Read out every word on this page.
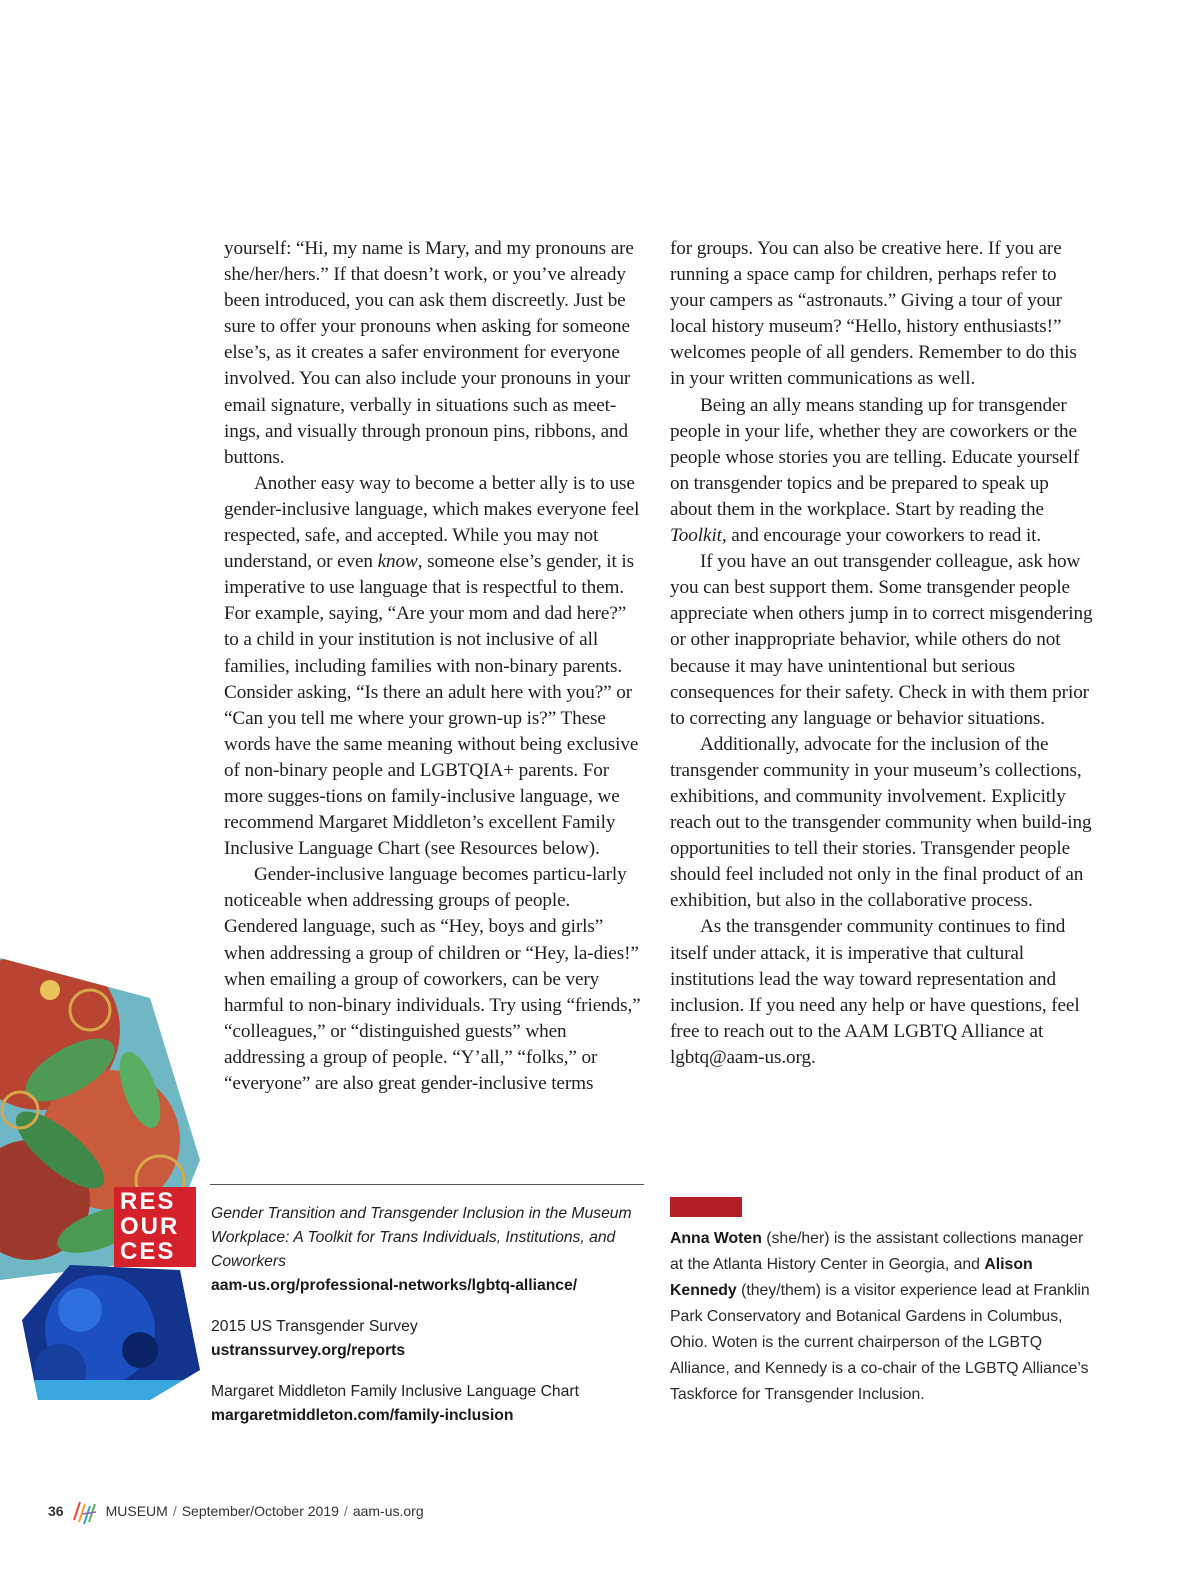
yourself: “Hi, my name is Mary, and my pronouns are she/her/hers.” If that doesn’t work, or you’ve already been introduced, you can ask them discreetly. Just be sure to offer your pronouns when asking for someone else’s, as it creates a safer environment for everyone involved. You can also include your pronouns in your email signature, verbally in situations such as meet-ings, and visually through pronoun pins, ribbons, and buttons.

Another easy way to become a better ally is to use gender-inclusive language, which makes everyone feel respected, safe, and accepted. While you may not understand, or even know, someone else’s gender, it is imperative to use language that is respectful to them. For example, saying, “Are your mom and dad here?” to a child in your institution is not inclusive of all families, including families with non-binary parents. Consider asking, “Is there an adult here with you?” or “Can you tell me where your grown-up is?” These words have the same meaning without being exclusive of non-binary people and LGBTQIA+ parents. For more sugges-tions on family-inclusive language, we recommend Margaret Middleton’s excellent Family Inclusive Language Chart (see Resources below).

Gender-inclusive language becomes particu-larly noticeable when addressing groups of people. Gendered language, such as “Hey, boys and girls” when addressing a group of children or “Hey, la-dies!” when emailing a group of coworkers, can be very harmful to non-binary individuals. Try using “friends,” “colleagues,” or “distinguished guests” when addressing a group of people. “Y’all,” “folks,” or “everyone” are also great gender-inclusive terms

for groups. You can also be creative here. If you are running a space camp for children, perhaps refer to your campers as “astronauts.” Giving a tour of your local history museum? “Hello, history enthusiasts!” welcomes people of all genders. Remember to do this in your written communications as well.

Being an ally means standing up for transgender people in your life, whether they are coworkers or the people whose stories you are telling. Educate yourself on transgender topics and be prepared to speak up about them in the workplace. Start by reading the Toolkit, and encourage your coworkers to read it.

If you have an out transgender colleague, ask how you can best support them. Some transgender people appreciate when others jump in to correct misgendering or other inappropriate behavior, while others do not because it may have unintentional but serious consequences for their safety. Check in with them prior to correcting any language or behavior situations.

Additionally, advocate for the inclusion of the transgender community in your museum’s collections, exhibitions, and community involvement. Explicitly reach out to the transgender community when build-ing opportunities to tell their stories. Transgender people should feel included not only in the final product of an exhibition, but also in the collaborative process.

As the transgender community continues to find itself under attack, it is imperative that cultural institutions lead the way toward representation and inclusion. If you need any help or have questions, feel free to reach out to the AAM LGBTQ Alliance at lgbtq@aam-us.org.

RES
OUR
CES
Gender Transition and Transgender Inclusion in the Museum Workplace: A Toolkit for Trans Individuals, Institutions, and Coworkers
aam-us.org/professional-networks/lgbtq-alliance/
2015 US Transgender Survey
ustranssurvey.org/reports
Margaret Middleton Family Inclusive Language Chart
margaretmiddleton.com/family-inclusion
Anna Woten (she/her) is the assistant collections manager at the Atlanta History Center in Georgia, and Alison Kennedy (they/them) is a visitor experience lead at Franklin Park Conservatory and Botanical Gardens in Columbus, Ohio. Woten is the current chairperson of the LGBTQ Alliance, and Kennedy is a co-chair of the LGBTQ Alliance’s Taskforce for Transgender Inclusion.
36	MUSEUM / September/October 2019 / aam-us.org
